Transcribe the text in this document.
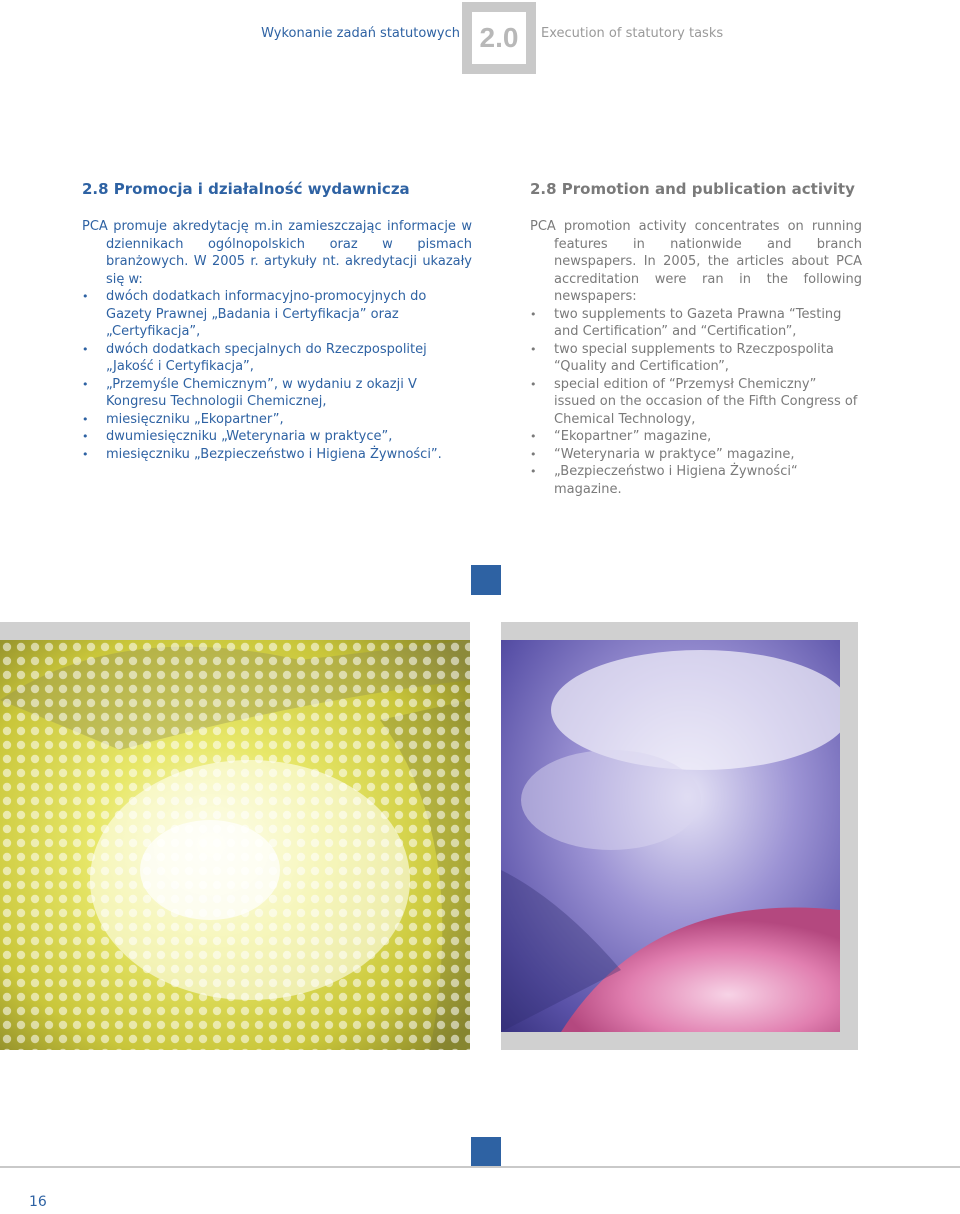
Wykonanie zadań statutowych 2.0	Execution of statutory tasks
2.8 Promocja i działalność wydawnicza

PCA promuje akredytację m.in zamieszczając informacje w dziennikach ogólnopolskich oraz w pismach branżowych. W 2005 r. artykuły nt. akredytacji ukazały się w:

• dwóch dodatkach informacyjno-promocyjnych do Gazety Prawnej „Badania i Certyfikacja” oraz „Certyfikacja”,
• dwóch dodatkach specjalnych do Rzeczpospolitej „Jakość i Certyfikacja”,
• „Przemyśle Chemicznym”, w wydaniu z okazji V Kongresu Technologii Chemicznej,
• miesięczniku „Ekopartner”,
• dwumiesięczniku „Weterynaria w praktyce”,
• miesięczniku „Bezpieczeństwo i Higiena Żywności”.
2.8 Promotion and publication activity

PCA promotion activity concentrates on running features in nationwide and branch newspapers. In 2005, the articles about PCA accreditation were ran in the following newspapers:

• two supplements to Gazeta Prawna “Testing and Certification” and “Certification”,
• two special supplements to Rzeczpospolita “Quality and Certification”,
• special edition of “Przemysł Chemiczny” issued on the occasion of the Fifth Congress of Chemical Technology,
• “Ekopartner” magazine,
• “Weterynaria w praktyce” magazine,
• „Bezpieczeństwo i Higiena Żywności“ magazine.

16
